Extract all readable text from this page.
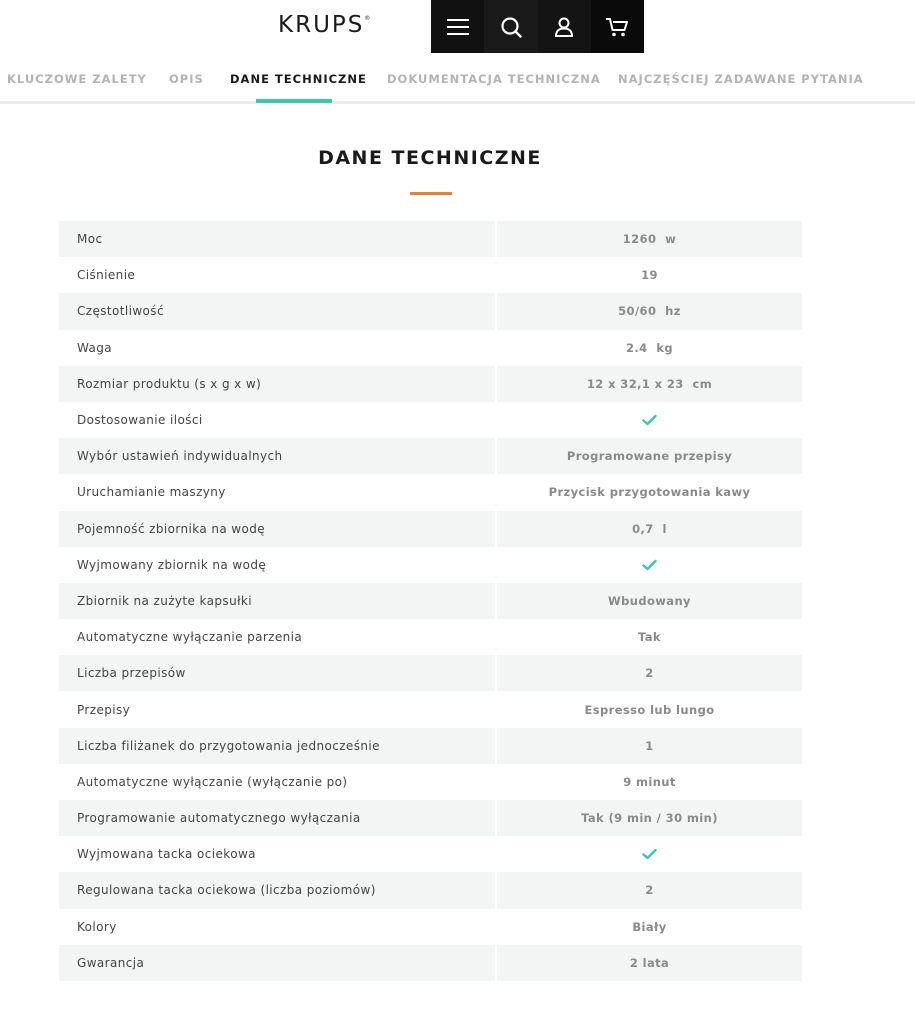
KRUPS®
KLUCZOWE ZALETY OPIS DANE TECHNICZNE DOKUMENTACJA TECHNICZNA NAJCZĘŚCIEJ ZADAWANE PYTANIA
DANE TECHNICZNE
Moc	1260  w
Ciśnienie	19
Częstotliwość	50/60  hz
Waga	2.4  kg
Rozmiar produktu (s x g x w)	12 x 32,1 x 23  cm
Dostosowanie ilości
Wybór ustawień indywidualnych	Programowane przepisy
Uruchamianie maszyny	Przycisk przygotowania kawy
Pojemność zbiornika na wodę	0,7  l
Wyjmowany zbiornik na wodę
Zbiornik na zużyte kapsułki	Wbudowany
Automatyczne wyłączanie parzenia	Tak
Liczba przepisów	2
Przepisy	Espresso lub lungo
Liczba filiżanek do przygotowania jednocześnie	1
Automatyczne wyłączanie (wyłączanie po)	9 minut
Programowanie automatycznego wyłączania	Tak (9 min / 30 min)
Wyjmowana tacka ociekowa
Regulowana tacka ociekowa (liczba poziomów)	2
Kolory	Biały
Gwarancja	2 lata
